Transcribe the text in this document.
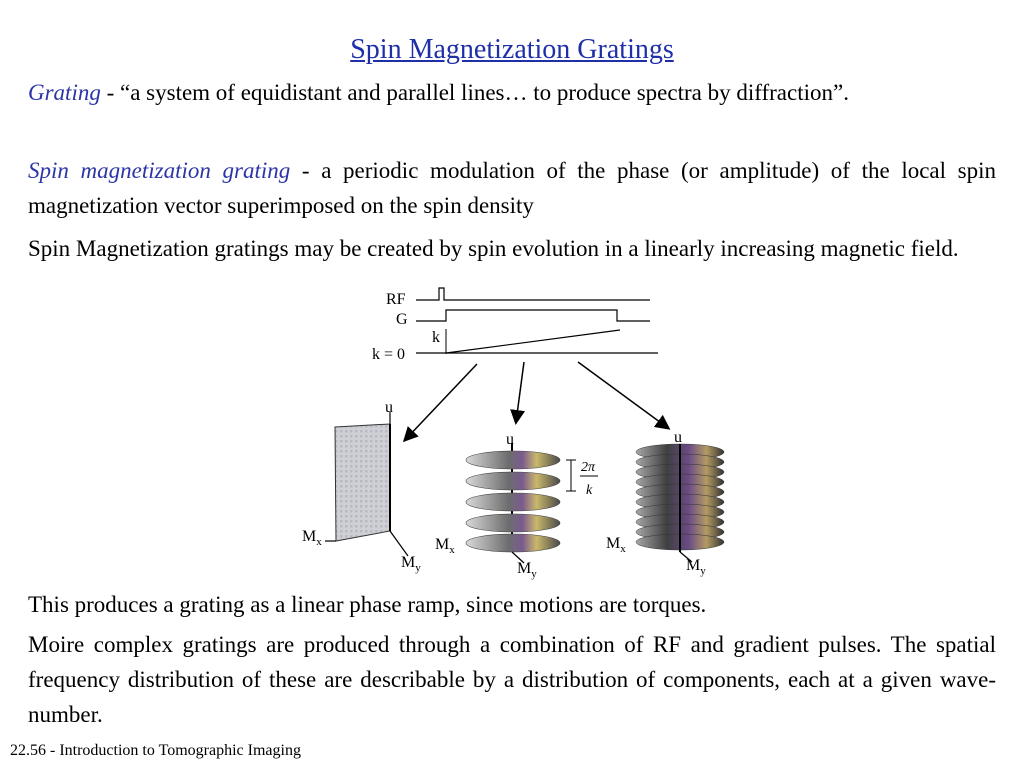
Spin Magnetization Gratings
Grating - “a system of equidistant and parallel lines… to produce spectra by diffraction”.
Spin magnetization grating - a periodic modulation of the phase (or amplitude) of the local spin magnetization vector superimposed on the spin density
Spin Magnetization gratings may be created by spin evolution in a linearly increasing magnetic field.
RF
G
k
k = 0
u
$M_x$
$M_y$
u
$M_x$
$M_y$
2π
k
u
$M_x$
$M_y$
This produces a grating as a linear phase ramp, since motions are torques.
Moire complex gratings are produced through a combination of RF and gradient pulses. The spatial frequency distribution of these are describable by a distribution of components, each at a given wave-number.
22.56 - Introduction to Tomographic Imaging
